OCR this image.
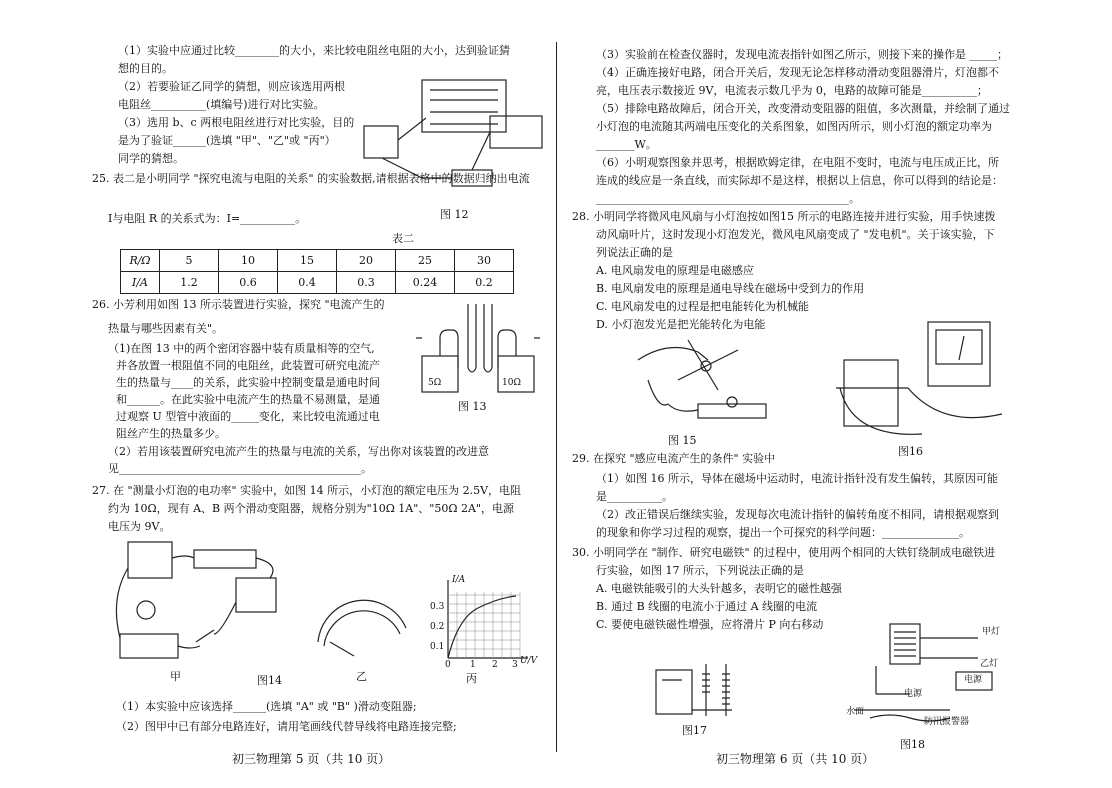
（1）实验中应通过比较________的大小，来比较电阻丝电阻的大小，达到验证猜
想的目的。
（2）若要验证乙同学的猜想，则应该选用两根
电阻丝__________(填编号)进行对比实验。
（3）选用 b、c 两根电阻丝进行对比实验，目的
是为了验证______(选填 "甲"、"乙"或 "丙"）
同学的猜想。
图 12
25. 表二是小明同学 "探究电流与电阻的关系" 的实验数据,请根据表格中的数据归纳出电流
I与电阻 R 的关系式为：I=__________。
表二
R/Ω	5	10	15	20	25	30
I/A	1.2	0.6	0.4	0.3	0.24	0.2
26. 小芳利用如图 13 所示装置进行实验，探究 "电流产生的
热量与哪些因素有关"。
（1)在图 13 中的两个密闭容器中装有质量相等的空气,
并各放置一根阻值不同的电阻丝，此装置可研究电流产
生的热量与____的关系，此实验中控制变量是通电时间
和______。在此实验中电流产生的热量不易测量，是通
过观察 U 型管中液面的_____变化，来比较电流通过电
阻丝产生的热量多少。
（2）若用该装置研究电流产生的热量与电流的关系，写出你对该装置的改进意
见____________________________________________。
5Ω	10Ω
图 13
27. 在 "测量小灯泡的电功率" 实验中，如图 14 所示，小灯泡的额定电压为 2.5V，电阻
约为 10Ω，现有 A、B 两个滑动变阻器，规格分别为"10Ω 1A"、"50Ω 2A"，电源
电压为 9V。
甲	图14	乙
I/A
U/V
0.3
0.2
0.1
0 1 2 3
丙
（1）本实验中应该选择______(选填 "A" 或 "B" )滑动变阻器;
（2）图甲中已有部分电路连好，请用笔画线代替导线将电路连接完整;
初三物理第 5 页（共 10 页）
（3）实验前在检查仪器时，发现电流表指针如图乙所示，则接下来的操作是 _____；
（4）正确连接好电路，闭合开关后，发现无论怎样移动滑动变阻器滑片，灯泡都不
亮，电压表示数接近 9V，电流表示数几乎为 0，电路的故障可能是__________；
（5）排除电路故障后，闭合开关，改变滑动变阻器的阻值，多次测量，并绘制了通过
小灯泡的电流随其两端电压变化的关系图象，如图丙所示，则小灯泡的额定功率为
_______W。
（6）小明观察图象并思考，根据欧姆定律，在电阻不变时，电流与电压成正比，所
连成的线应是一条直线，而实际却不是这样，根据以上信息，你可以得到的结论是：
______________________________________________。
28. 小明同学将微风电风扇与小灯泡按如图15 所示的电路连接并进行实验，用手快速拨
动风扇叶片，这时发现小灯泡发光，微风电风扇变成了 "发电机"。关于该实验，下
列说法正确的是
A. 电风扇发电的原理是电磁感应
B. 电风扇发电的原理是通电导线在磁场中受到力的作用
C. 电风扇发电的过程是把电能转化为机械能
D. 小灯泡发光是把光能转化为电能
图 15
图16
29. 在探究 "感应电流产生的条件" 实验中
（1）如图 16 所示，导体在磁场中运动时，电流计指针没有发生偏转，其原因可能
是__________。
（2）改正错误后继续实验，发现每次电流计指针的偏转角度不相同，请根据观察到
的现象和你学习过程的观察，提出一个可探究的科学问题：______________。
30. 小明同学在 "制作、研究电磁铁" 的过程中，使用两个相同的大铁钉绕制成电磁铁进
行实验，如图 17 所示，下列说法正确的是
A. 电磁铁能吸引的大头针越多，表明它的磁性越强
B. 通过 B 线圈的电流小于通过 A 线圈的电流
C. 要使电磁铁磁性增强，应将滑片 P 向右移动
图17
甲灯
乙灯
电源
电源
水面
防汛报警器
图18
初三物理第 6 页（共 10 页）
